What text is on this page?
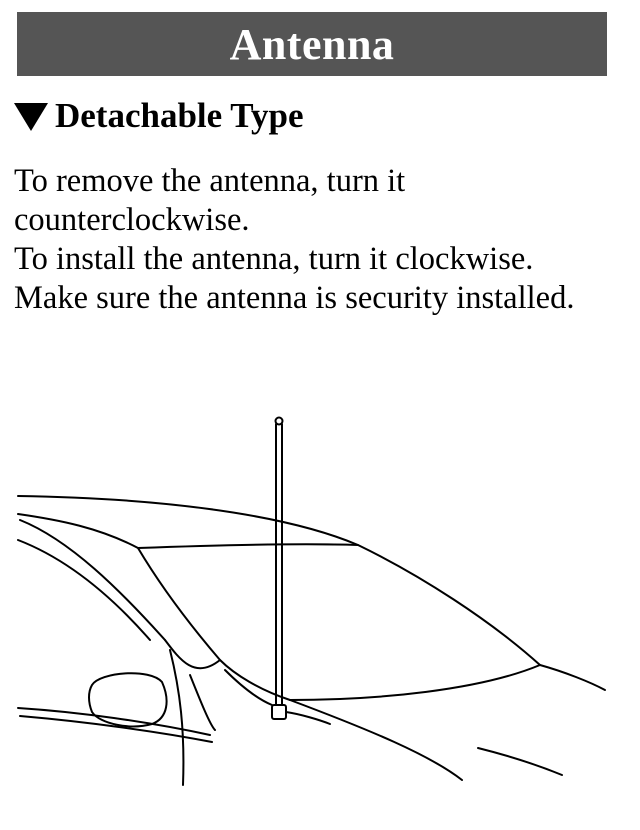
Antenna
Detachable Type

To remove the antenna, turn it counterclockwise.

To install the antenna, turn it clockwise.

Make sure the antenna is security installed.
